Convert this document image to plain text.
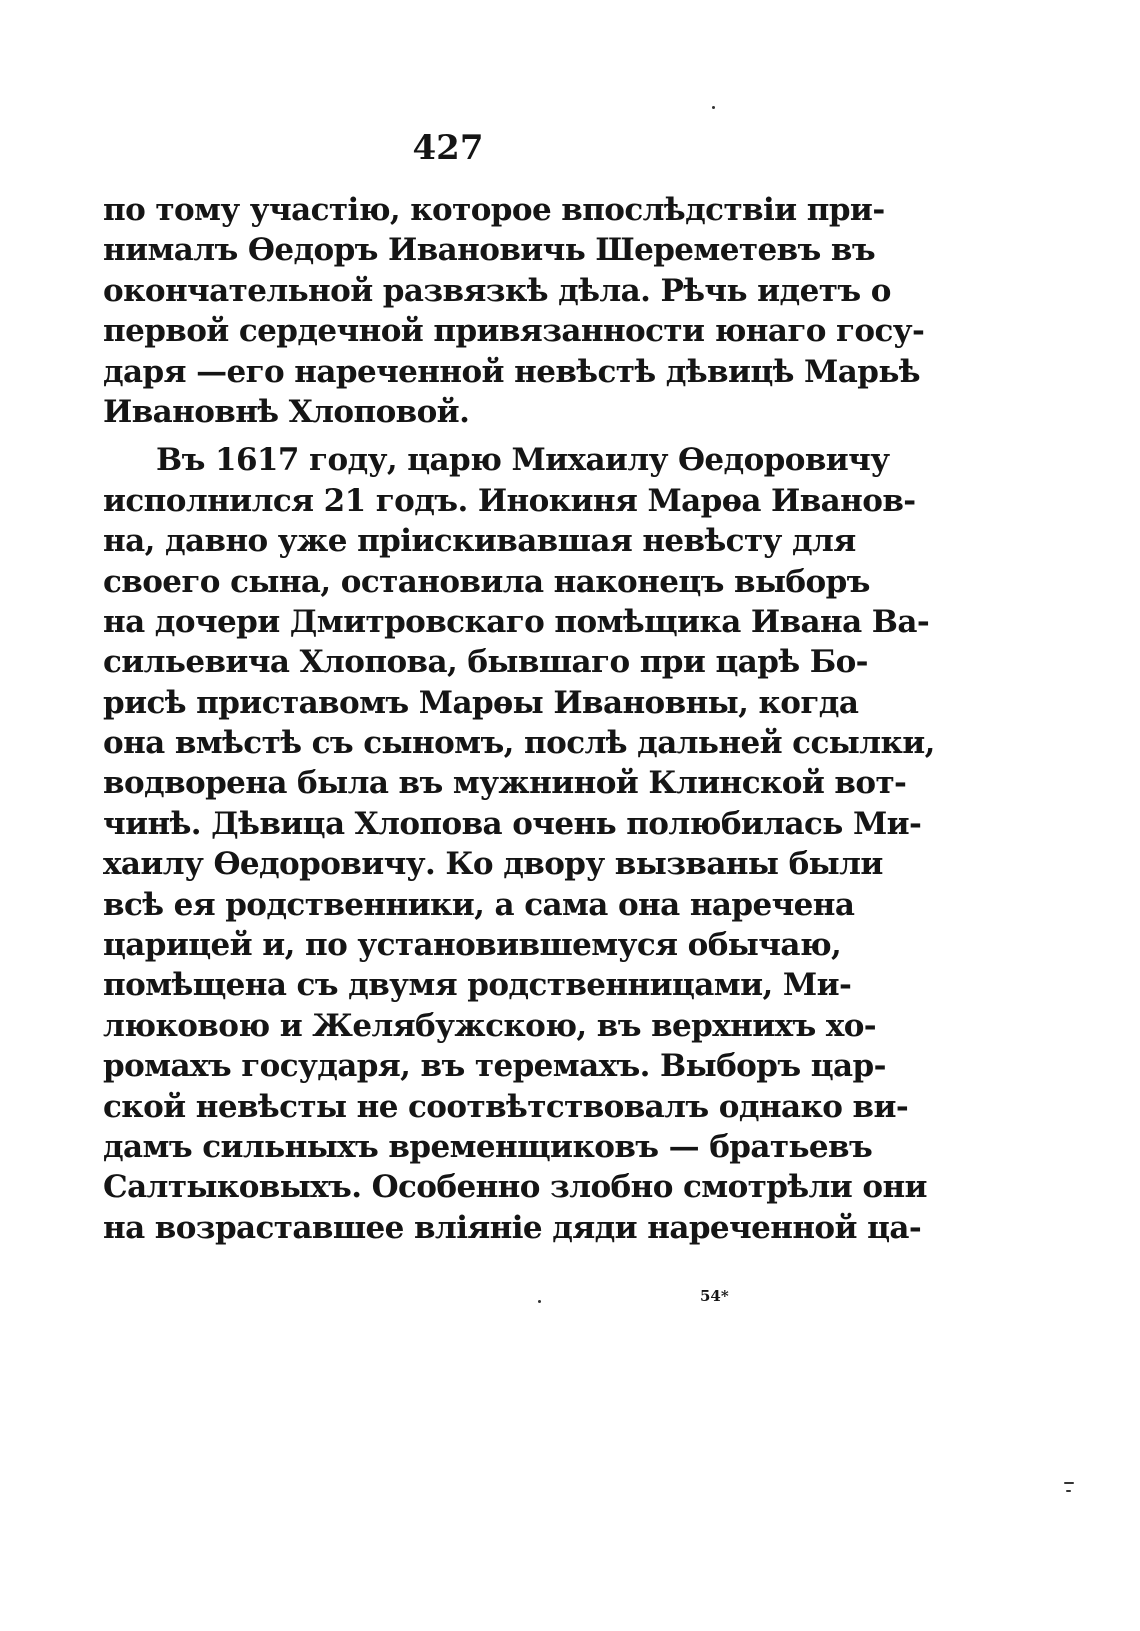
427
по тому участію, которое впослѣдствіи при-
нималъ Ѳедоръ Ивановичь Шереметевъ въ
окончательной развязкѣ дѣла. Рѣчь идетъ о
первой сердечной привязанности юнаго госу-
даря —его нареченной невѣстѣ дѣвицѣ Марьѣ
Ивановнѣ Хлоповой.
Въ 1617 году, царю Михаилу Ѳедоровичу
исполнился 21 годъ. Инокиня Марѳа Иванов-
на, давно уже пріискивавшая невѣсту для
своего сына, остановила наконецъ выборъ
на дочери Дмитровскаго помѣщика Ивана Ва-
сильевича Хлопова, бывшаго при царѣ Бо-
рисѣ приставомъ Марѳы Ивановны, когда
она вмѣстѣ съ сыномъ, послѣ дальней ссылки,
водворена была въ мужниной Клинской вот-
чинѣ. Дѣвица Хлопова очень полюбилась Ми-
хаилу Ѳедоровичу. Ко двору вызваны были
всѣ ея родственники, а сама она наречена
царицей и, по установившемуся обычаю,
помѣщена съ двумя родственницами, Ми-
люковою и Желябужскою, въ верхнихъ хо-
ромахъ государя, въ теремахъ. Выборъ цар-
ской невѣсты не соотвѣтствовалъ однако ви-
дамъ сильныхъ временщиковъ — братьевъ
Салтыковыхъ. Особенно злобно смотрѣли они
на возраставшее вліяніе дяди нареченной ца-
54*
